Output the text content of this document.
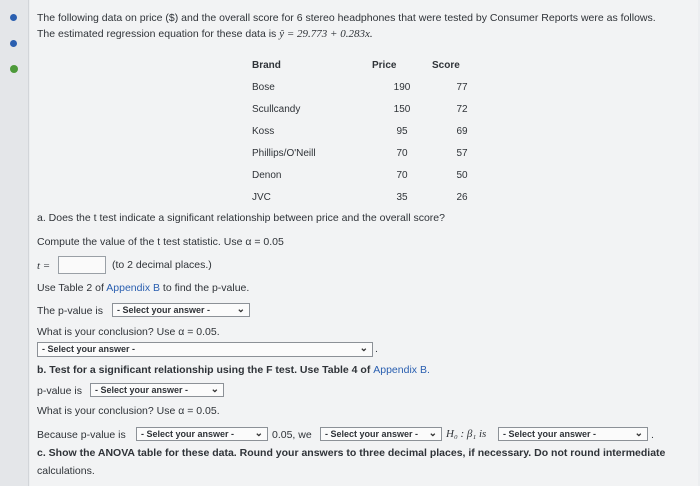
The following data on price ($) and the overall score for 6 stereo headphones that were tested by Consumer Reports were as follows.
The estimated regression equation for these data is ŷ = 29.773 + 0.283x.
Brand	Price	Score
Bose	190	77
Scullcandy	150	72
Koss	95	69
Phillips/O'Neill	70	57
Denon	70	50
JVC	35	26
a. Does the t test indicate a significant relationship between price and the overall score?
Compute the value of the t test statistic. Use α = 0.05
t =	(to 2 decimal places.)
Use Table 2 of Appendix B to find the p-value.
The p-value is	- Select your answer -	⌄
What is your conclusion? Use α = 0.05.
- Select your answer -	⌄ .
b. Test for a significant relationship using the F test. Use Table 4 of Appendix B.
p-value is	- Select your answer - ⌄
What is your conclusion? Use α = 0.05.
Because p-value is	- Select your answer - ⌄ 0.05, we	- Select your answer - ⌄ H₀ : β₁ is	- Select your answer -	⌄ .
c. Show the ANOVA table for these data. Round your answers to three decimal places, if necessary. Do not round intermediate
calculations.
